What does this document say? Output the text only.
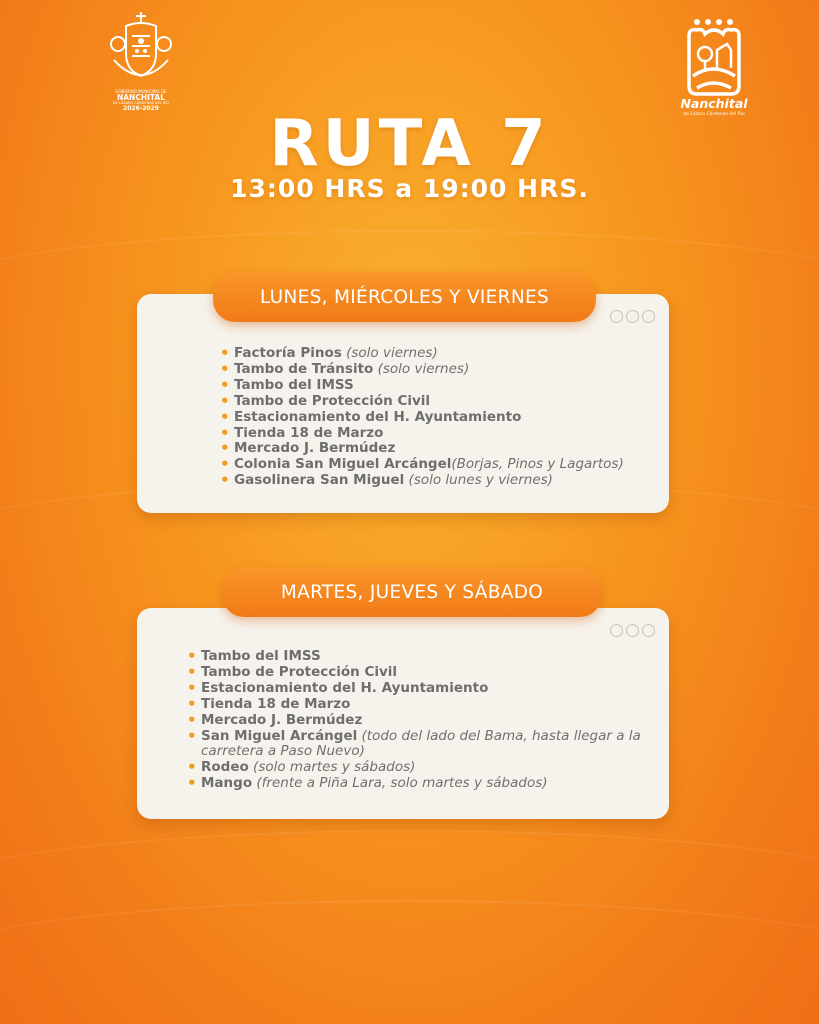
GOBIERNO MUNICIPAL DE
NANCHITAL
DE LÁZARO CÁRDENAS DEL RÍO
2026-2029	Nanchital
de Lázaro Cárdenas del Río
RUTA 7
13:00 HRS a 19:00 HRS.
LUNES, MIÉRCOLES Y VIERNES
• Factoría Pinos (solo viernes)
• Tambo de Tránsito (solo viernes)
• Tambo del IMSS
• Tambo de Protección Civil
• Estacionamiento del H. Ayuntamiento
• Tienda 18 de Marzo
• Mercado J. Bermúdez
• Colonia San Miguel Arcángel(Borjas, Pinos y Lagartos)
• Gasolinera San Miguel (solo lunes y viernes)
MARTES, JUEVES Y SÁBADO
• Tambo del IMSS
• Tambo de Protección Civil
• Estacionamiento del H. Ayuntamiento
• Tienda 18 de Marzo
• Mercado J. Bermúdez
• San Miguel Arcángel (todo del lado del Bama, hasta llegar a la carretera a Paso Nuevo)
• Rodeo (solo martes y sábados)
• Mango (frente a Piña Lara, solo martes y sábados)
